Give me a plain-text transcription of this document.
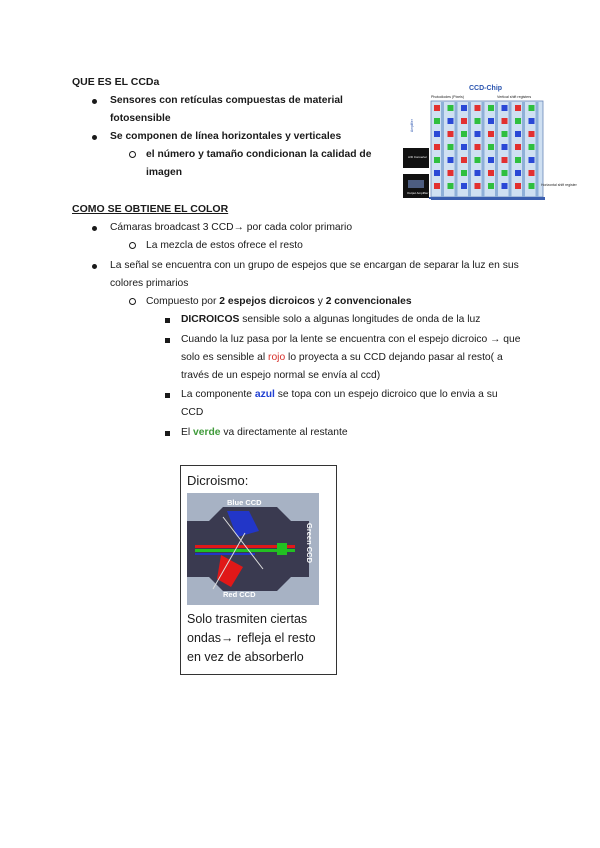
QUE ES EL CCDa
Sensores con retículas compuestas de material fotosensible
Se componen de línea horizontales y verticales
el número y tamaño condicionan la calidad de imagen
CCD-Chip
Photodiodes (Pixels)	Vertical shift registers
Horizontal shift register
Amplifier
A/D Converter
Output Amplifier
COMO SE OBTIENE EL COLOR
Cámaras broadcast 3 CCD→ por cada color primario
La mezcla de estos ofrece el resto
La señal se encuentra con un grupo de espejos que se encargan de separar la luz en sus colores primarios
Compuesto por 2 espejos dicroicos y 2 convencionales
DICROICOS sensible solo a algunas longitudes de onda de la luz
Cuando la luz pasa por la lente se encuentra con el espejo dicroico → que solo es sensible al rojo lo proyecta a su CCD dejando pasar al resto( a través de un espejo normal se envía al ccd)
La componente azul se topa con un espejo dicroico que lo envia a su CCD
El verde va directamente al restante
Dicroismo:
Blue CCD
Red CCD
Green CCD
Solo trasmiten ciertas ondas→ refleja el resto en vez de absorberlo
